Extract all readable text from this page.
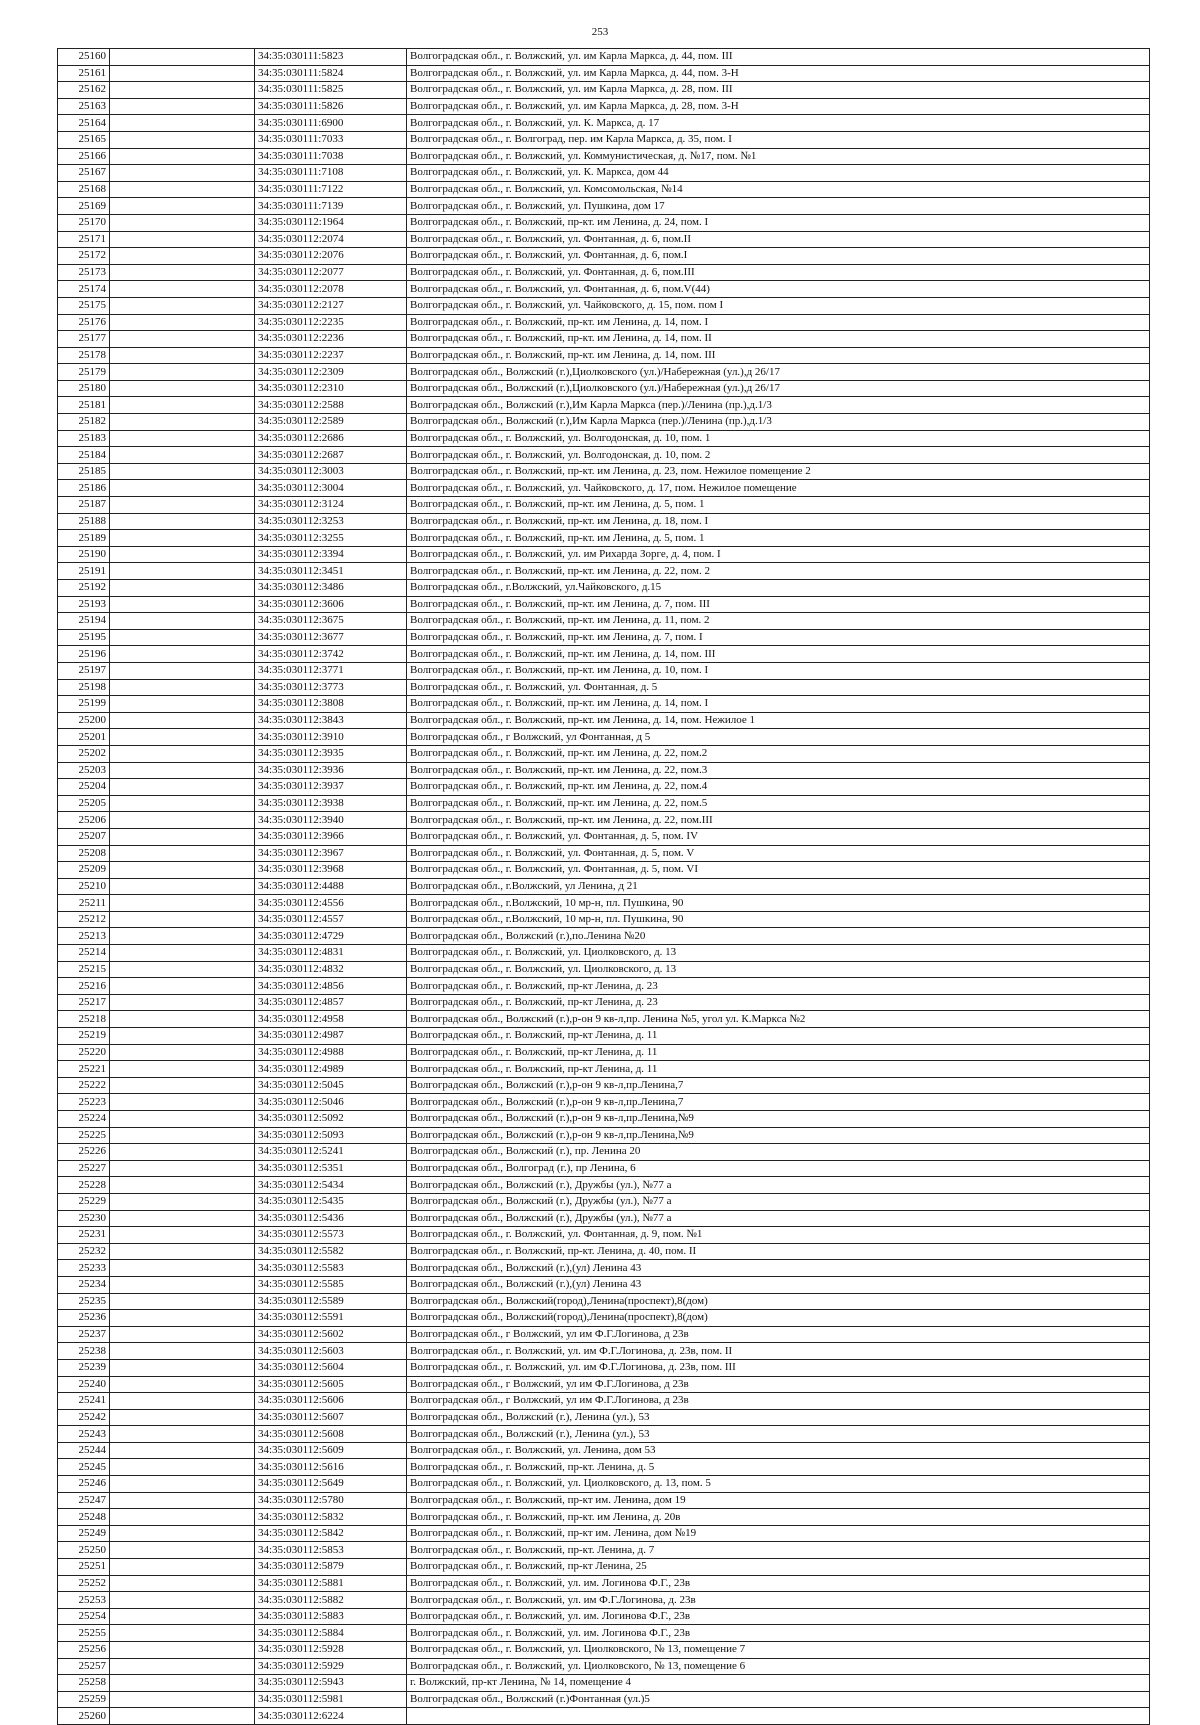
253
25160		34:35:030111:5823	Волгоградская обл., г. Волжский, ул. им Карла Маркса, д. 44, пом. III
25161		34:35:030111:5824	Волгоградская обл., г. Волжский, ул. им Карла Маркса, д. 44, пом. 3-Н
25162		34:35:030111:5825	Волгоградская обл., г. Волжский, ул. им Карла Маркса, д. 28, пом. III
25163		34:35:030111:5826	Волгоградская обл., г. Волжский, ул. им Карла Маркса, д. 28, пом. 3-Н
25164		34:35:030111:6900	Волгоградская обл., г. Волжский, ул. К. Маркса, д. 17
25165		34:35:030111:7033	Волгоградская обл., г. Волгоград, пер. им Карла Маркса, д. 35, пом. I
25166		34:35:030111:7038	Волгоградская обл., г. Волжский, ул. Коммунистическая, д. №17, пом. №1
25167		34:35:030111:7108	Волгоградская обл., г. Волжский, ул. К. Маркса, дом 44
25168		34:35:030111:7122	Волгоградская обл., г. Волжский, ул. Комсомольская, №14
25169		34:35:030111:7139	Волгоградская обл., г. Волжский, ул. Пушкина, дом 17
25170		34:35:030112:1964	Волгоградская обл., г. Волжский, пр-кт. им Ленина, д. 24, пом. I
25171		34:35:030112:2074	Волгоградская обл., г. Волжский, ул. Фонтанная, д. 6, пом.II
25172		34:35:030112:2076	Волгоградская обл., г. Волжский, ул. Фонтанная, д. 6, пом.I
25173		34:35:030112:2077	Волгоградская обл., г. Волжский, ул. Фонтанная, д. 6, пом.III
25174		34:35:030112:2078	Волгоградская обл., г. Волжский, ул. Фонтанная, д. 6, пом.V(44)
25175		34:35:030112:2127	Волгоградская обл., г. Волжский, ул. Чайковского, д. 15, пом. пом I
25176		34:35:030112:2235	Волгоградская обл., г. Волжский, пр-кт. им Ленина, д. 14, пом. I
25177		34:35:030112:2236	Волгоградская обл., г. Волжский, пр-кт. им Ленина, д. 14, пом. II
25178		34:35:030112:2237	Волгоградская обл., г. Волжский, пр-кт. им Ленина, д. 14, пом. III
25179		34:35:030112:2309	Волгоградская обл., Волжский (г.),Циолковского (ул.)/Набережная (ул.),д 26/17
25180		34:35:030112:2310	Волгоградская обл., Волжский (г.),Циолковского (ул.)/Набережная (ул.),д 26/17
25181		34:35:030112:2588	Волгоградская обл., Волжский (г.),Им Карла Маркса (пер.)/Ленина (пр.),д.1/3
25182		34:35:030112:2589	Волгоградская обл., Волжский (г.),Им Карла Маркса (пер.)/Ленина (пр.),д.1/3
25183		34:35:030112:2686	Волгоградская обл., г. Волжский, ул. Волгодонская, д. 10, пом. 1
25184		34:35:030112:2687	Волгоградская обл., г. Волжский, ул. Волгодонская, д. 10, пом. 2
25185		34:35:030112:3003	Волгоградская обл., г. Волжский, пр-кт. им Ленина, д. 23, пом. Нежилое помещение 2
25186		34:35:030112:3004	Волгоградская обл., г. Волжский, ул. Чайковского, д. 17, пом. Нежилое помещение
25187		34:35:030112:3124	Волгоградская обл., г. Волжский, пр-кт. им Ленина, д. 5, пом. 1
25188		34:35:030112:3253	Волгоградская обл., г. Волжский, пр-кт. им Ленина, д. 18, пом. I
25189		34:35:030112:3255	Волгоградская обл., г. Волжский, пр-кт. им Ленина, д. 5, пом. 1
25190		34:35:030112:3394	Волгоградская обл., г. Волжский, ул. им Рихарда Зорге, д. 4, пом. I
25191		34:35:030112:3451	Волгоградская обл., г. Волжский, пр-кт. им Ленина, д. 22, пом. 2
25192		34:35:030112:3486	Волгоградская обл., г.Волжский, ул.Чайковского, д.15
25193		34:35:030112:3606	Волгоградская обл., г. Волжский, пр-кт. им Ленина, д. 7, пом. III
25194		34:35:030112:3675	Волгоградская обл., г. Волжский, пр-кт. им Ленина, д. 11, пом. 2
25195		34:35:030112:3677	Волгоградская обл., г. Волжский, пр-кт. им Ленина, д. 7, пом. I
25196		34:35:030112:3742	Волгоградская обл., г. Волжский, пр-кт. им Ленина, д. 14, пом. III
25197		34:35:030112:3771	Волгоградская обл., г. Волжский, пр-кт. им Ленина, д. 10, пом. I
25198		34:35:030112:3773	Волгоградская обл., г. Волжский, ул. Фонтанная, д. 5
25199		34:35:030112:3808	Волгоградская обл., г. Волжский, пр-кт. им Ленина, д. 14, пом. I
25200		34:35:030112:3843	Волгоградская обл., г. Волжский, пр-кт. им Ленина, д. 14, пом. Нежилое 1
25201		34:35:030112:3910	Волгоградская обл., г Волжский, ул Фонтанная, д 5
25202		34:35:030112:3935	Волгоградская обл., г. Волжский, пр-кт. им Ленина, д. 22, пом.2
25203		34:35:030112:3936	Волгоградская обл., г. Волжский, пр-кт. им Ленина, д. 22, пом.3
25204		34:35:030112:3937	Волгоградская обл., г. Волжский, пр-кт. им Ленина, д. 22, пом.4
25205		34:35:030112:3938	Волгоградская обл., г. Волжский, пр-кт. им Ленина, д. 22, пом.5
25206		34:35:030112:3940	Волгоградская обл., г. Волжский, пр-кт. им Ленина, д. 22, пом.III
25207		34:35:030112:3966	Волгоградская обл., г. Волжский, ул. Фонтанная, д. 5, пом. IV
25208		34:35:030112:3967	Волгоградская обл., г. Волжский, ул. Фонтанная, д. 5, пом. V
25209		34:35:030112:3968	Волгоградская обл., г. Волжский, ул. Фонтанная, д. 5, пом. VI
25210		34:35:030112:4488	Волгоградская обл., г.Волжский, ул Ленина, д 21
25211		34:35:030112:4556	Волгоградская обл., г.Волжский, 10 мр-н, пл. Пушкина, 90
25212		34:35:030112:4557	Волгоградская обл., г.Волжский, 10 мр-н, пл. Пушкина, 90
25213		34:35:030112:4729	Волгоградская обл., Волжский (г.),по.Ленина №20
25214		34:35:030112:4831	Волгоградская обл., г. Волжский, ул. Циолковского, д. 13
25215		34:35:030112:4832	Волгоградская обл., г. Волжский, ул. Циолковского, д. 13
25216		34:35:030112:4856	Волгоградская обл., г. Волжский, пр-кт Ленина, д. 23
25217		34:35:030112:4857	Волгоградская обл., г. Волжский, пр-кт Ленина, д. 23
25218		34:35:030112:4958	Волгоградская обл., Волжский (г.),р-он 9 кв-л,пр. Ленина №5, угол ул. К.Маркса №2
25219		34:35:030112:4987	Волгоградская обл., г. Волжский, пр-кт Ленина, д. 11
25220		34:35:030112:4988	Волгоградская обл., г. Волжский, пр-кт Ленина, д. 11
25221		34:35:030112:4989	Волгоградская обл., г. Волжский, пр-кт Ленина, д. 11
25222		34:35:030112:5045	Волгоградская обл., Волжский (г.),р-он 9 кв-л,пр.Ленина,7
25223		34:35:030112:5046	Волгоградская обл., Волжский (г.),р-он 9 кв-л,пр.Ленина,7
25224		34:35:030112:5092	Волгоградская обл., Волжский (г.),р-он 9 кв-л,пр.Ленина,№9
25225		34:35:030112:5093	Волгоградская обл., Волжский (г.),р-он 9 кв-л,пр.Ленина,№9
25226		34:35:030112:5241	Волгоградская обл., Волжский (г.), пр. Ленина 20
25227		34:35:030112:5351	Волгоградская обл., Волгоград (г.), пр Ленина, 6
25228		34:35:030112:5434	Волгоградская обл., Волжский (г.), Дружбы (ул.), №77 а
25229		34:35:030112:5435	Волгоградская обл., Волжский (г.), Дружбы (ул.), №77 а
25230		34:35:030112:5436	Волгоградская обл., Волжский (г.), Дружбы (ул.), №77 а
25231		34:35:030112:5573	Волгоградская обл., г. Волжский, ул. Фонтанная, д. 9, пом. №1
25232		34:35:030112:5582	Волгоградская обл., г. Волжский, пр-кт. Ленина, д. 40, пом. II
25233		34:35:030112:5583	Волгоградская обл., Волжский (г.),(ул) Ленина 43
25234		34:35:030112:5585	Волгоградская обл., Волжский (г.),(ул) Ленина 43
25235		34:35:030112:5589	Волгоградская обл., Волжский(город),Ленина(проспект),8(дом)
25236		34:35:030112:5591	Волгоградская обл., Волжский(город),Ленина(проспект),8(дом)
25237		34:35:030112:5602	Волгоградская обл., г Волжский, ул им Ф.Г.Логинова, д 23в
25238		34:35:030112:5603	Волгоградская обл., г. Волжский, ул. им Ф.Г.Логинова, д. 23в, пом. II
25239		34:35:030112:5604	Волгоградская обл., г. Волжский, ул. им Ф.Г.Логинова, д. 23в, пом. III
25240		34:35:030112:5605	Волгоградская обл., г Волжский, ул им Ф.Г.Логинова, д 23в
25241		34:35:030112:5606	Волгоградская обл., г Волжский, ул им Ф.Г.Логинова, д 23в
25242		34:35:030112:5607	Волгоградская обл., Волжский (г.), Ленина (ул.), 53
25243		34:35:030112:5608	Волгоградская обл., Волжский (г.), Ленина (ул.), 53
25244		34:35:030112:5609	Волгоградская обл., г. Волжский, ул. Ленина, дом 53
25245		34:35:030112:5616	Волгоградская обл., г. Волжский, пр-кт. Ленина, д. 5
25246		34:35:030112:5649	Волгоградская обл., г. Волжский, ул. Циолковского, д. 13, пом. 5
25247		34:35:030112:5780	Волгоградская обл., г. Волжский, пр-кт им. Ленина, дом 19
25248		34:35:030112:5832	Волгоградская обл., г. Волжский, пр-кт. им Ленина, д. 20в
25249		34:35:030112:5842	Волгоградская обл., г. Волжский, пр-кт им. Ленина, дом №19
25250		34:35:030112:5853	Волгоградская обл., г. Волжский, пр-кт. Ленина, д. 7
25251		34:35:030112:5879	Волгоградская обл., г. Волжский, пр-кт Ленина, 25
25252		34:35:030112:5881	Волгоградская обл., г. Волжский, ул. им. Логинова Ф.Г., 23в
25253		34:35:030112:5882	Волгоградская обл., г. Волжский, ул. им Ф.Г.Логинова, д. 23в
25254		34:35:030112:5883	Волгоградская обл., г. Волжский, ул. им. Логинова Ф.Г., 23в
25255		34:35:030112:5884	Волгоградская обл., г. Волжский, ул. им. Логинова Ф.Г., 23в
25256		34:35:030112:5928	Волгоградская обл., г. Волжский, ул. Циолковского, № 13, помещение 7
25257		34:35:030112:5929	Волгоградская обл., г. Волжский, ул. Циолковского, № 13, помещение 6
25258		34:35:030112:5943	г. Волжский, пр-кт Ленина, № 14, помещение 4
25259		34:35:030112:5981	Волгоградская обл., Волжский (г.)Фонтанная (ул.)5
25260		34:35:030112:6224	
